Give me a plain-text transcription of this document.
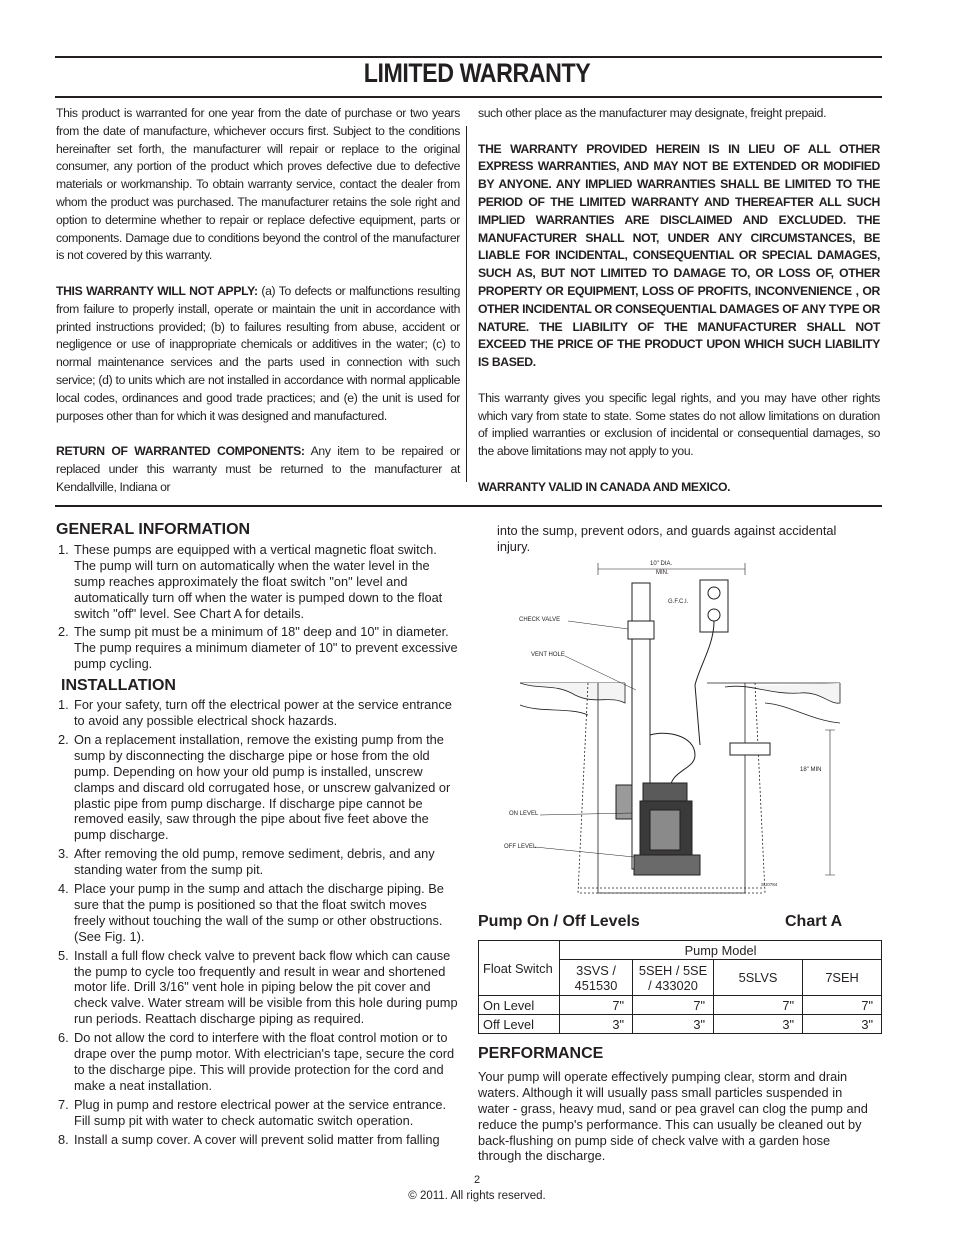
LIMITED WARRANTY

This product is warranted for one year from the date of purchase or two years from the date of manufacture, whichever occurs first. Subject to the conditions hereinafter set forth, the manufacturer will repair or replace to the original consumer, any portion of the product which proves defective due to defective materials or workmanship. To obtain warranty service, contact the dealer from whom the product was purchased. The manufacturer retains the sole right and option to determine whether to repair or replace defective equipment, parts or components. Damage due to conditions beyond the control of the manufacturer is not covered by this warranty.

THIS WARRANTY WILL NOT APPLY: (a) To defects or malfunctions resulting from failure to properly install, operate or maintain the unit in accordance with printed instructions provided; (b) to failures resulting from abuse, accident or negligence or use of inappropriate chemicals or additives in the water; (c) to normal maintenance services and the parts used in connection with such service; (d) to units which are not installed in accordance with normal applicable local codes, ordinances and good trade practices; and (e) the unit is used for purposes other than for which it was designed and manufactured.

RETURN OF WARRANTED COMPONENTS: Any item to be repaired or replaced under this warranty must be returned to the manufacturer at Kendallville, Indiana or

such other place as the manufacturer may designate, freight prepaid.

THE WARRANTY PROVIDED HEREIN IS IN LIEU OF ALL OTHER EXPRESS WARRANTIES, AND MAY NOT BE EXTENDED OR MODIFIED BY ANYONE. ANY IMPLIED WARRANTIES SHALL BE LIMITED TO THE PERIOD OF THE LIMITED WARRANTY AND THEREAFTER ALL SUCH IMPLIED WARRANTIES ARE DISCLAIMED AND EXCLUDED. THE MANUFACTURER SHALL NOT, UNDER ANY CIRCUMSTANCES, BE LIABLE FOR INCIDENTAL, CONSEQUENTIAL OR SPECIAL DAMAGES, SUCH AS, BUT NOT LIMITED TO DAMAGE TO, OR LOSS OF, OTHER PROPERTY OR EQUIPMENT, LOSS OF PROFITS, INCONVENIENCE , OR OTHER INCIDENTAL OR CONSEQUENTIAL DAMAGES OF ANY TYPE OR NATURE. THE LIABILITY OF THE MANUFACTURER SHALL NOT EXCEED THE PRICE OF THE PRODUCT UPON WHICH SUCH LIABILITY IS BASED.

This warranty gives you specific legal rights, and you may have other rights which vary from state to state. Some states do not allow limitations on duration of implied warranties or exclusion of incidental or consequential damages, so the above limitations may not apply to you.

WARRANTY VALID IN CANADA AND MEXICO.

GENERAL INFORMATION
1. These pumps are equipped with a vertical magnetic float switch. The pump will turn on automatically when the water level in the sump reaches approximately the float switch "on" level and automatically turn off when the water is pumped down to the float switch "off" level. See Chart A for details.
2. The sump pit must be a minimum of 18" deep and 10" in diameter. The pump requires a minimum diameter of 10" to prevent excessive pump cycling.
INSTALLATION
1. For your safety, turn off the electrical power at the service entrance to avoid any possible electrical shock hazards.
2. On a replacement installation, remove the existing pump from the sump by disconnecting the discharge pipe or hose from the old pump. Depending on how your old pump is installed, unscrew clamps and discard old corrugated hose, or unscrew galvanized or plastic pipe from pump discharge. If discharge pipe cannot be removed easily, saw through the pipe about five feet above the pump discharge.
3. After removing the old pump, remove sediment, debris, and any standing water from the sump pit.
4. Place your pump in the sump and attach the discharge piping. Be sure that the pump is positioned so that the float switch moves freely without touching the wall of the sump or other obstructions. (See Fig. 1).
5. Install a full flow check valve to prevent back flow which can cause the pump to cycle too frequently and result in wear and shortened motor life. Drill 3/16" vent hole in piping below the pit cover and check valve. Water stream will be visible from this hole during pump run periods. Reattach discharge piping as required.
6. Do not allow the cord to interfere with the float control motion or to drape over the pump motor. With electrician's tape, secure the cord to the discharge pipe. This will provide protection for the cord and make a neat installation.
7. Plug in pump and restore electrical power at the service entrance. Fill sump pit with water to check automatic switch operation.
8. Install a sump cover. A cover will prevent solid matter from falling
into the sump, prevent odors, and guards against accidental injury.
10" DIA.
MIN.
18" MIN
G.F.C.I.
CHECK VALVE
VENT HOLE
ON LEVEL
OFF LEVEL
SU0784
Pump On / Off Levels	Chart A
Float Switch	Pump Model			
	3SVS / 451530	5SEH / 5SE / 433020	5SLVS	7SEH
On Level	7"	7"	7"	7"
Off Level	3"	3"	3"	3"
PERFORMANCE
Your pump will operate effectively pumping clear, storm and drain waters. Although it will usually pass small particles suspended in water - grass, heavy mud, sand or pea gravel can clog the pump and reduce the pump's performance. This can usually be cleaned out by back-flushing on pump side of check valve with a garden hose through the discharge.
2
© 2011. All rights reserved.
